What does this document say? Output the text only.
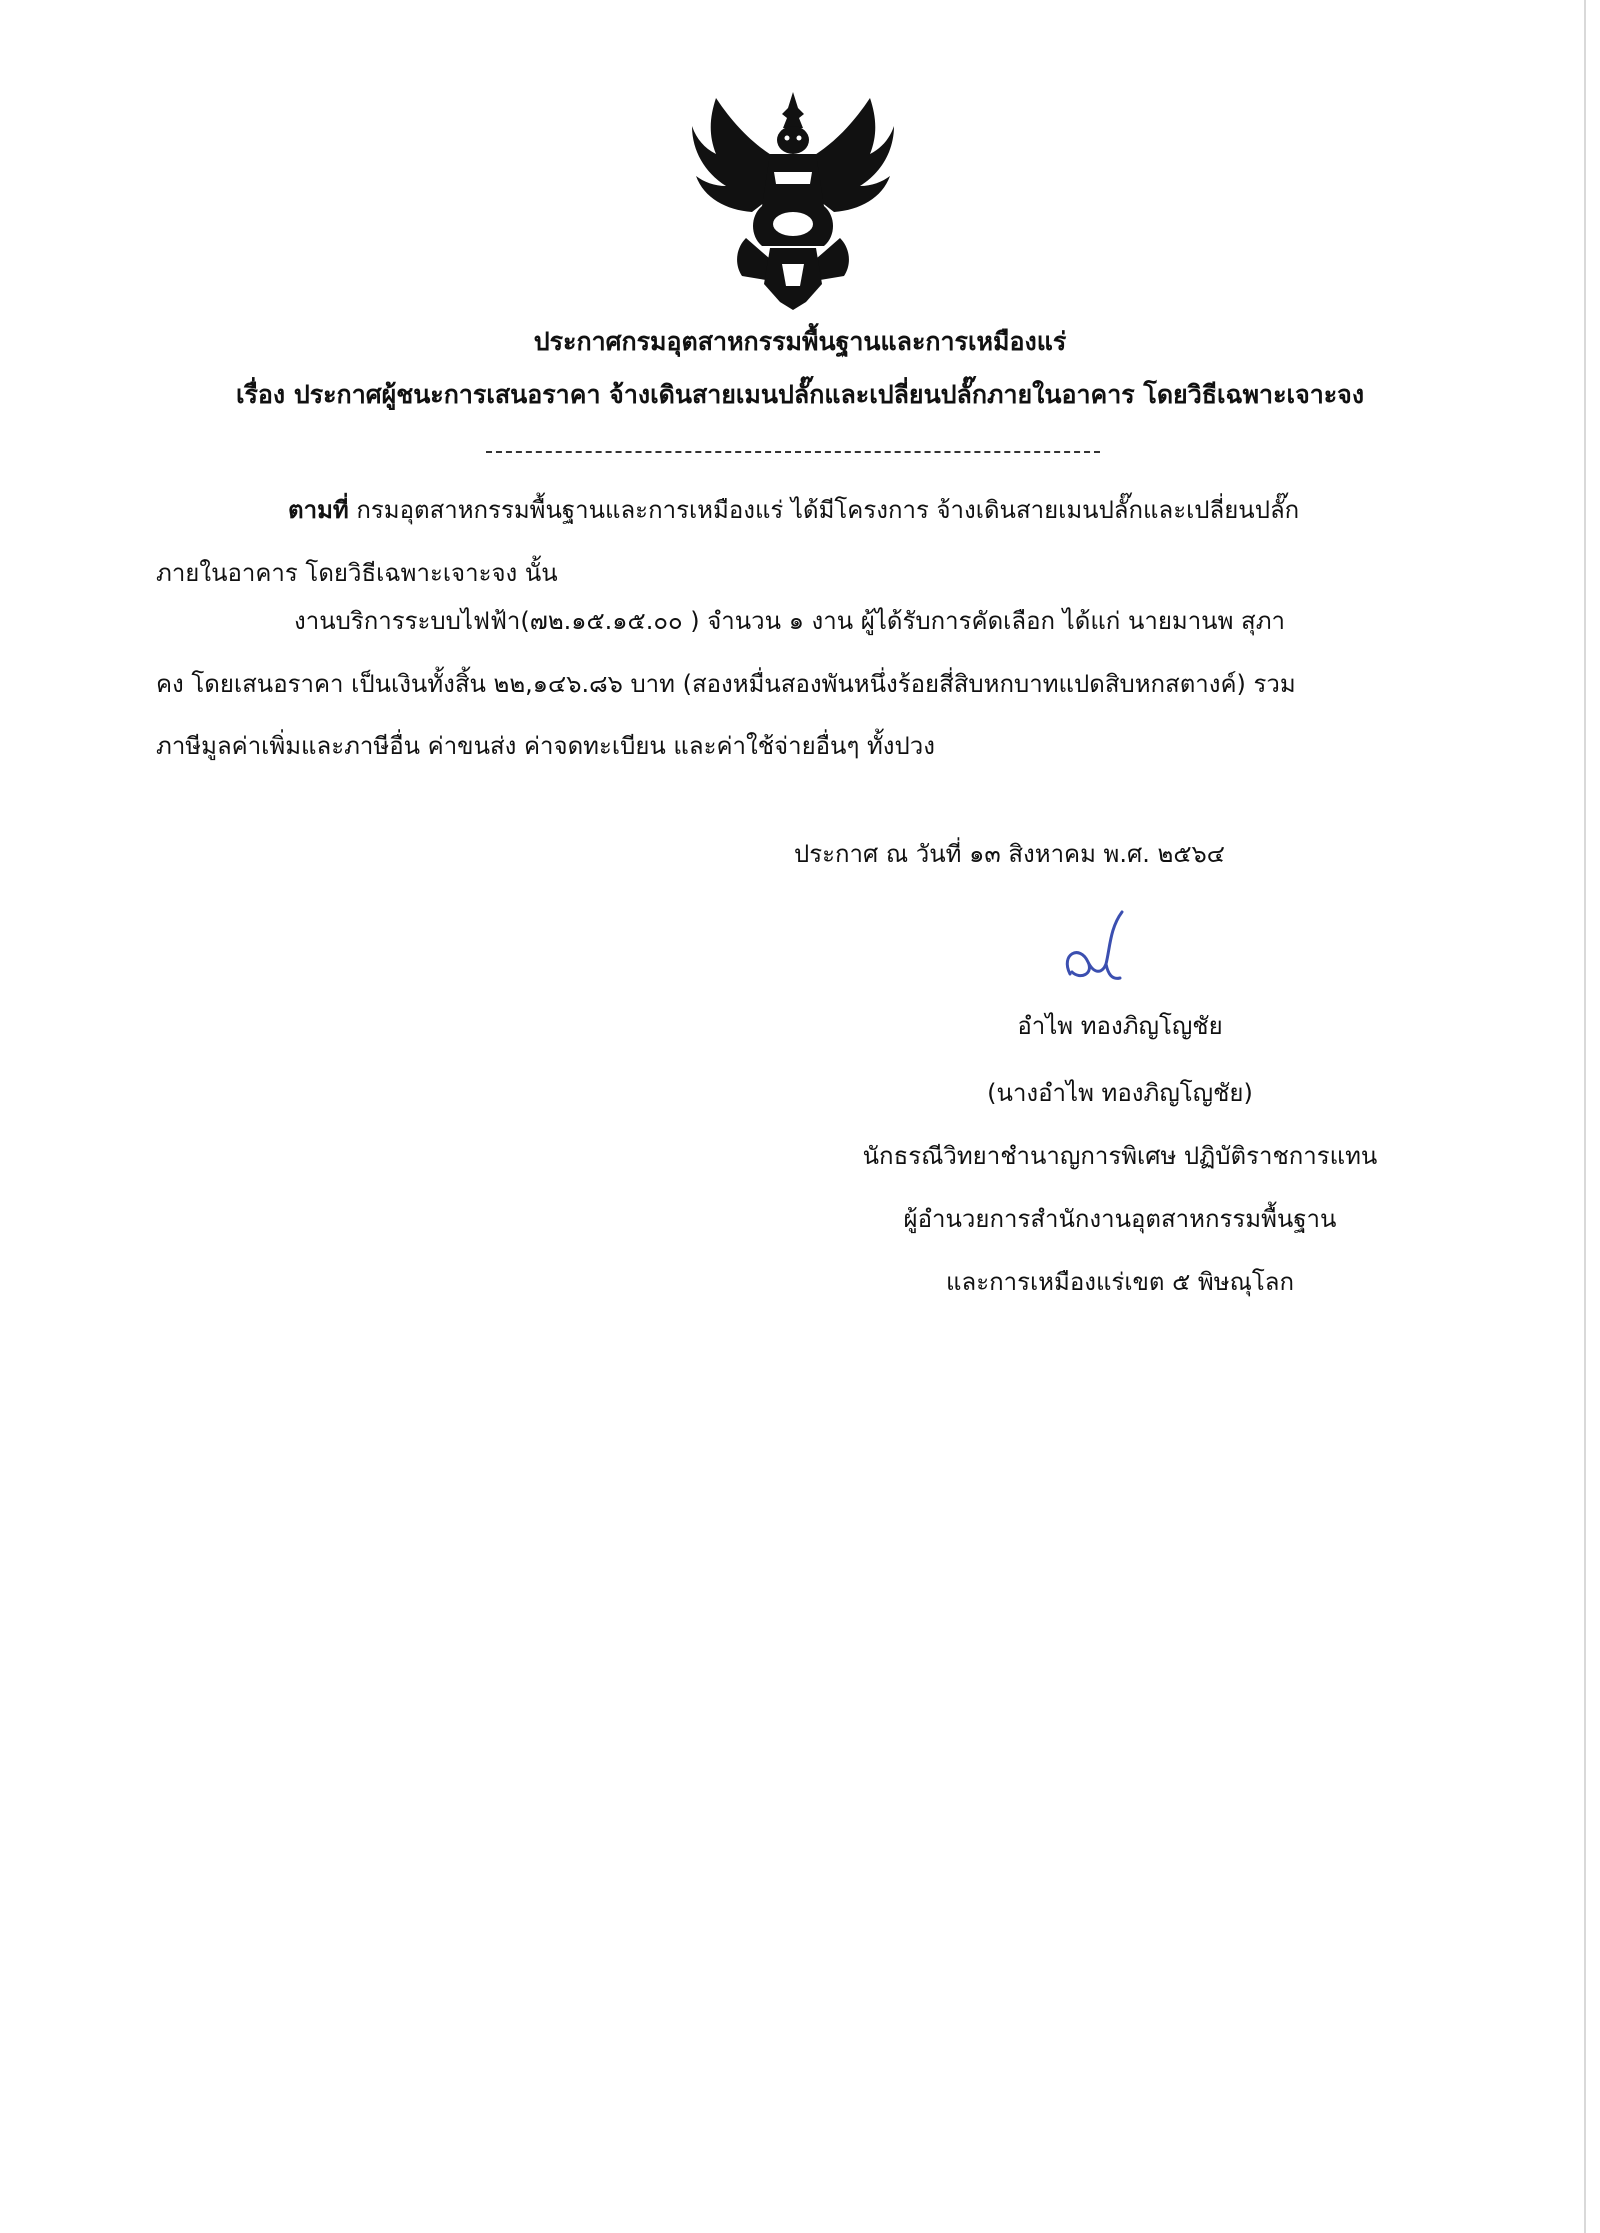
ประกาศกรมอุตสาหกรรมพื้นฐานและการเหมืองแร่
เรื่อง ประกาศผู้ชนะการเสนอราคา จ้างเดินสายเมนปลั๊กและเปลี่ยนปลั๊กภายในอาคาร โดยวิธีเฉพาะเจาะจง
ตามที่ กรมอุตสาหกรรมพื้นฐานและการเหมืองแร่ ได้มีโครงการ จ้างเดินสายเมนปลั๊กและเปลี่ยนปลั๊ก
ภายในอาคาร โดยวิธีเฉพาะเจาะจง นั้น
งานบริการระบบไฟฟ้า(๗๒.๑๕.๑๕.๐๐ ) จำนวน ๑ งาน ผู้ได้รับการคัดเลือก ได้แก่ นายมานพ สุภา
คง โดยเสนอราคา เป็นเงินทั้งสิ้น ๒๒,๑๔๖.๘๖ บาท (สองหมื่นสองพันหนึ่งร้อยสี่สิบหกบาทแปดสิบหกสตางค์) รวม
ภาษีมูลค่าเพิ่มและภาษีอื่น ค่าขนส่ง ค่าจดทะเบียน และค่าใช้จ่ายอื่นๆ ทั้งปวง
ประกาศ ณ วันที่ ๑๓ สิงหาคม พ.ศ. ๒๕๖๔
อำไพ ทองภิญโญชัย
(นางอำไพ ทองภิญโญชัย)
นักธรณีวิทยาชำนาญการพิเศษ ปฏิบัติราชการแทน
ผู้อำนวยการสำนักงานอุตสาหกรรมพื้นฐาน
และการเหมืองแร่เขต ๕ พิษณุโลก
